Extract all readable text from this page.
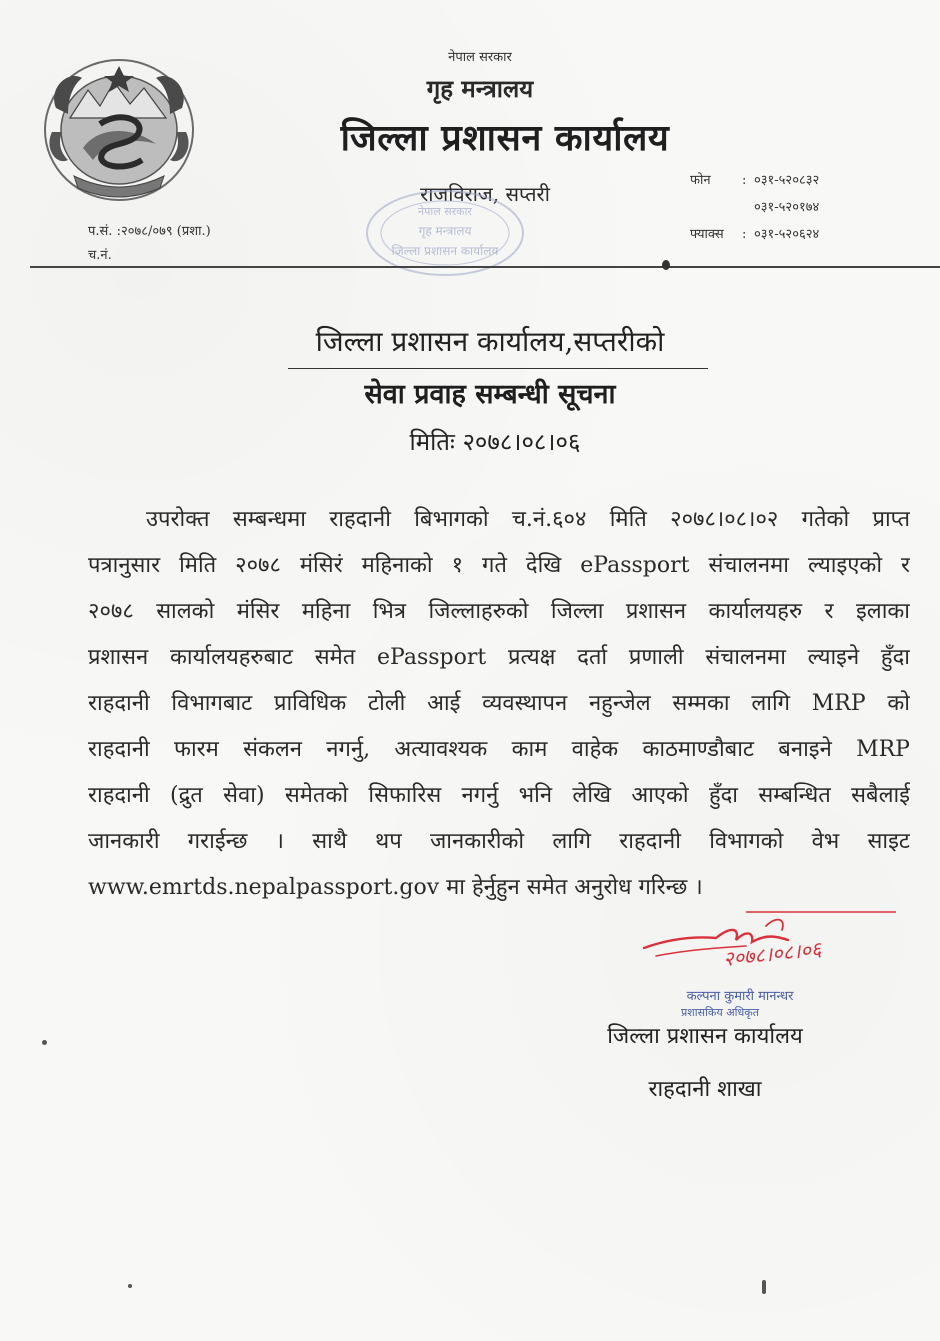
नेपाल सरकार
गृह मन्त्रालय
जिल्ला प्रशासन कार्यालय
राजविराज, सप्तरी
फोन	: ०३१-५२०८३२
०३१-५२०१७४
फ्याक्स	: ०३१-५२०६२४
प.सं. :२०७८/०७९ (प्रशा.)
च.नं.
नेपाल सरकार
गृह मन्त्रालय
जिल्ला प्रशासन कार्यालय
जिल्ला प्रशासन कार्यालय,सप्तरीको
सेवा प्रवाह सम्बन्धी सूचना
मितिः २०७८।०८।०६
उपरोक्त सम्बन्धमा राहदानी बिभागको च.नं.६०४ मिति २०७८।०८।०२ गतेको प्राप्त
पत्रानुसार मिति २०७८ मंसिरं महिनाको १ गते देखि ePassport संचालनमा ल्याइएको र
२०७८ सालको मंसिर महिना भित्र जिल्लाहरुको जिल्ला प्रशासन कार्यालयहरु र इलाका
प्रशासन कार्यालयहरुबाट समेत ePassport प्रत्यक्ष दर्ता प्रणाली संचालनमा ल्याइने हुँदा
राहदानी विभागबाट प्राविधिक टोली आई व्यवस्थापन नहुन्जेल सम्मका लागि MRP को
राहदानी फारम संकलन नगर्नु, अत्यावश्यक काम वाहेक काठमाण्डौबाट बनाइने MRP
राहदानी (द्रुत सेवा) समेतको सिफारिस नगर्नु भनि लेखि आएको हुँदा सम्बन्धित सबैलाई
जानकारी गराईन्छ । साथै थप जानकारीको लागि राहदानी विभागको वेभ साइट
www.emrtds.nepalpassport.gov मा हेर्नुहुन समेत अनुरोध गरिन्छ ।
२०७८।०८।०६
कल्पना कुमारी मानन्धर
प्रशासकिय अधिकृत
जिल्ला प्रशासन कार्यालय
राहदानी शाखा
